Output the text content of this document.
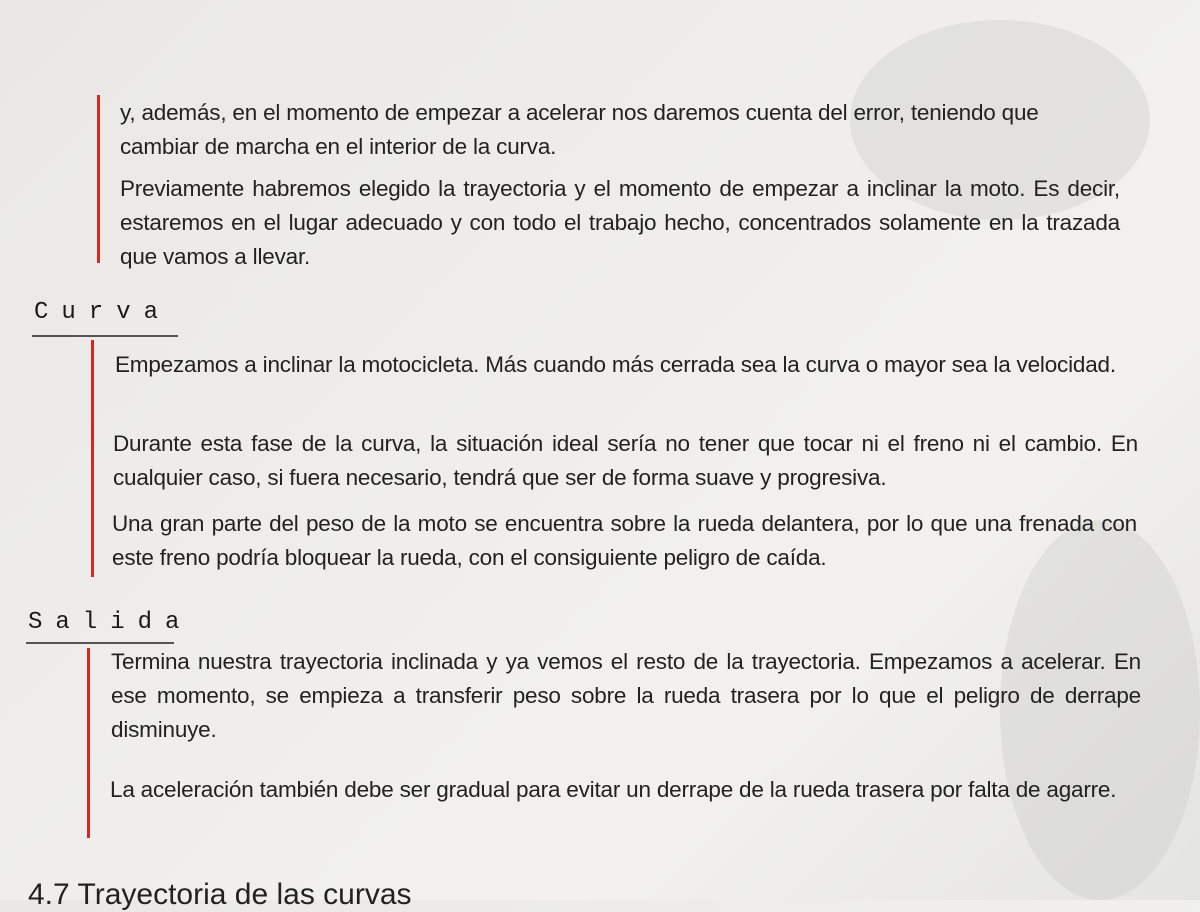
y, además, en el momento de empezar a acelerar nos daremos cuenta del error, teniendo que cambiar de marcha en el interior de la curva.

Previamente habremos elegido la trayectoria y el momento de empezar a inclinar la moto. Es decir, estaremos en el lugar adecuado y con todo el trabajo hecho, concentrados solamente en la trazada que vamos a llevar.

Curva

Empezamos a inclinar la motocicleta. Más cuando más cerrada sea la curva o mayor sea la velocidad.

Durante esta fase de la curva, la situación ideal sería no tener que tocar ni el freno ni el cambio. En cualquier caso, si fuera necesario, tendrá que ser de forma suave y progresiva.

Una gran parte del peso de la moto se encuentra sobre la rueda delantera, por lo que una frenada con este freno podría bloquear la rueda, con el consiguiente peligro de caída.

Salida

Termina nuestra trayectoria inclinada y ya vemos el resto de la trayectoria. Empezamos a acelerar. En ese momento, se empieza a transferir peso sobre la rueda trasera por lo que el peligro de derrape disminuye.

La aceleración también debe ser gradual para evitar un derrape de la rueda trasera por falta de agarre.

4.7 Trayectoria de las curvas
